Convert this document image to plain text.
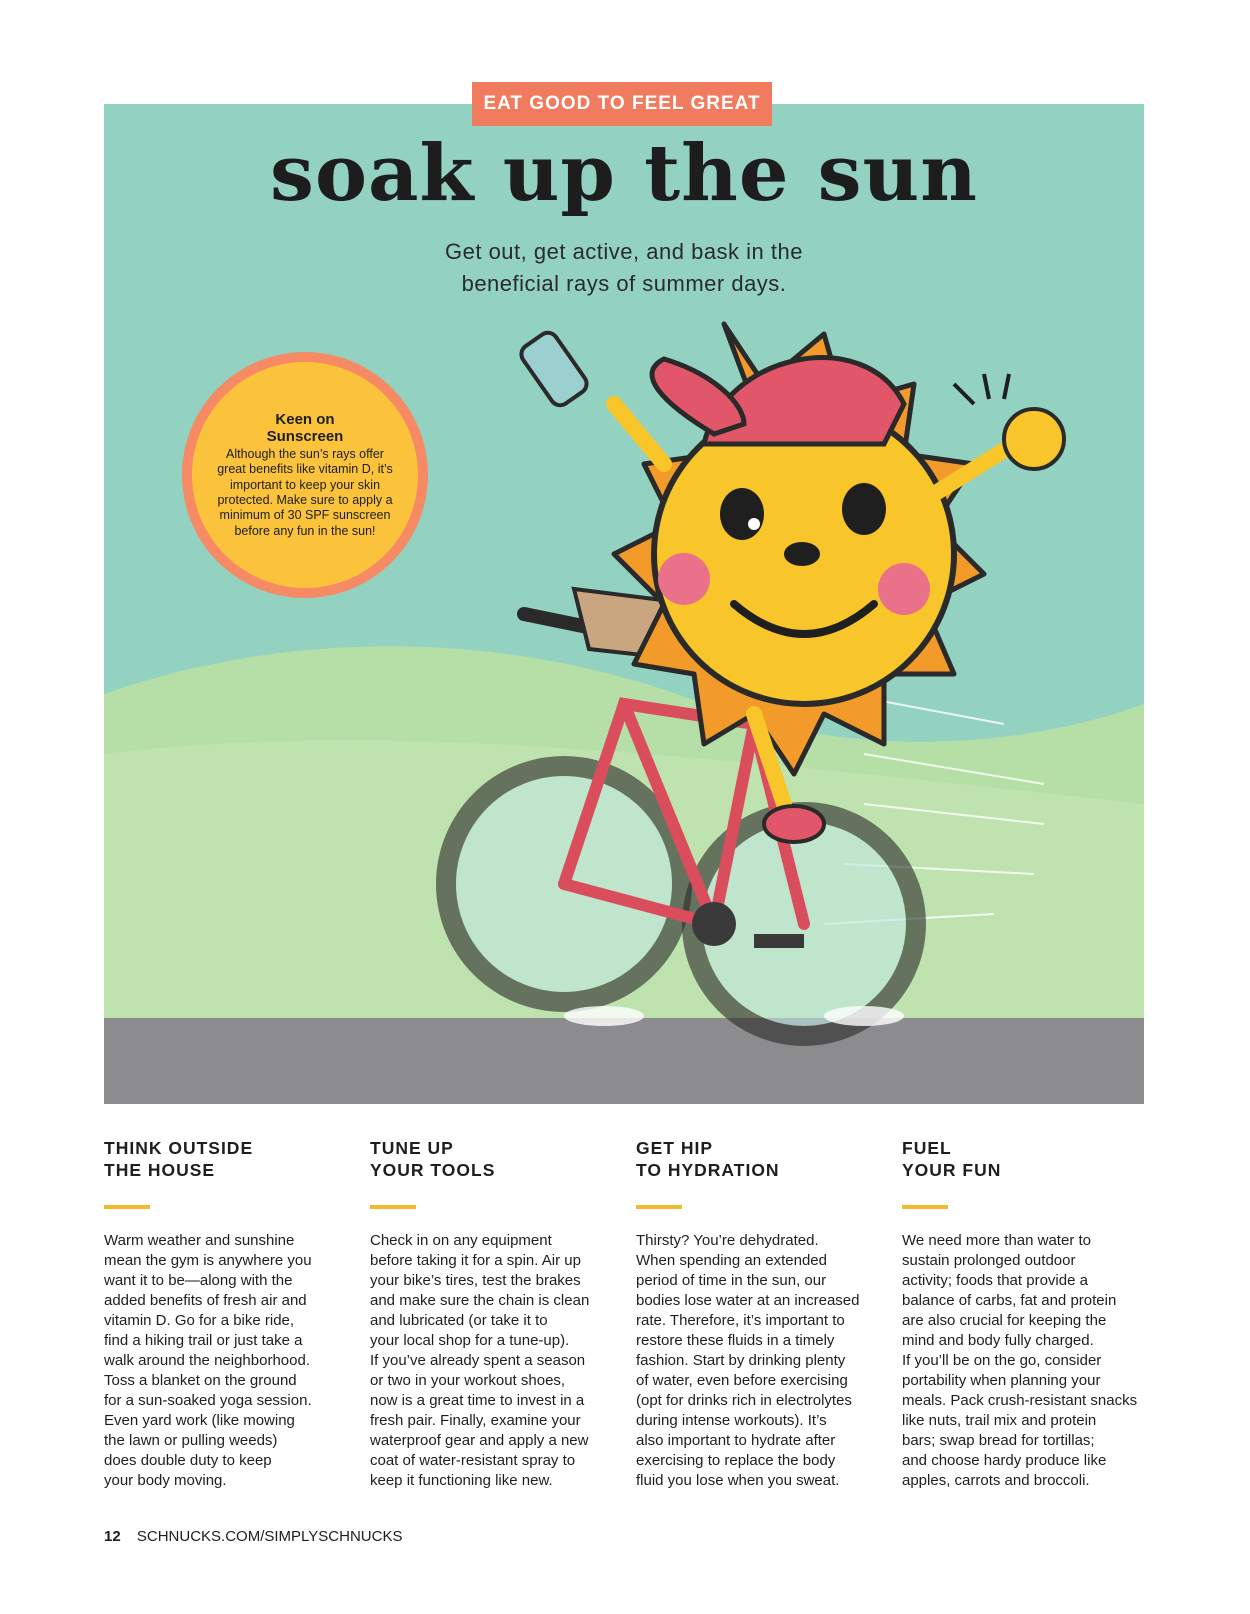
EAT GOOD TO FEEL GREAT
soak up the sun
Get out, get active, and bask in the
beneficial rays of summer days.
Keen on Sunscreen
Although the sun’s rays offer great benefits like vitamin D, it’s important to keep your skin protected. Make sure to apply a minimum of 30 SPF sunscreen before any fun in the sun!
THINK OUTSIDE
THE HOUSE

Warm weather and sunshine
mean the gym is anywhere you
want it to be—along with the
added benefits of fresh air and
vitamin D. Go for a bike ride,
find a hiking trail or just take a
walk around the neighborhood.
Toss a blanket on the ground
for a sun-soaked yoga session.
Even yard work (like mowing
the lawn or pulling weeds)
does double duty to keep
your body moving.

TUNE UP
YOUR TOOLS

Check in on any equipment
before taking it for a spin. Air up
your bike’s tires, test the brakes
and make sure the chain is clean
and lubricated (or take it to
your local shop for a tune-up).
If you’ve already spent a season
or two in your workout shoes,
now is a great time to invest in a
fresh pair. Finally, examine your
waterproof gear and apply a new
coat of water-resistant spray to
keep it functioning like new.

GET HIP
TO HYDRATION

Thirsty? You’re dehydrated.
When spending an extended
period of time in the sun, our
bodies lose water at an increased
rate. Therefore, it’s important to
restore these fluids in a timely
fashion. Start by drinking plenty
of water, even before exercising
(opt for drinks rich in electrolytes
during intense workouts). It’s
also important to hydrate after
exercising to replace the body
fluid you lose when you sweat.

FUEL
YOUR FUN

We need more than water to
sustain prolonged outdoor
activity; foods that provide a
balance of carbs, fat and protein
are also crucial for keeping the
mind and body fully charged.
If you’ll be on the go, consider
portability when planning your
meals. Pack crush-resistant snacks
like nuts, trail mix and protein
bars; swap bread for tortillas;
and choose hardy produce like
apples, carrots and broccoli.

12 SCHNUCKS.COM/SIMPLYSCHNUCKS
